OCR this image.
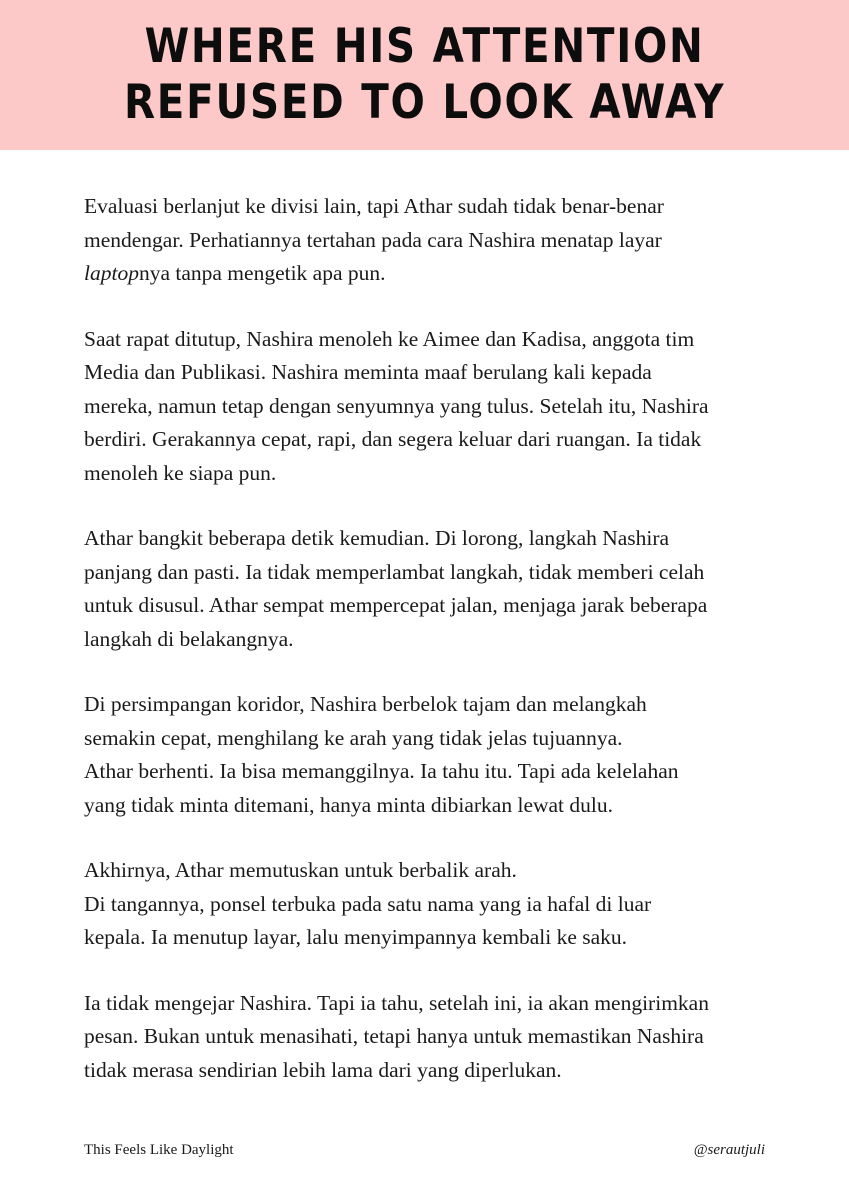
WHERE HIS ATTENTION
REFUSED TO LOOK AWAY

Evaluasi berlanjut ke divisi lain, tapi Athar sudah tidak benar-benar
mendengar. Perhatiannya tertahan pada cara Nashira menatap layar
laptopnya tanpa mengetik apa pun.

Saat rapat ditutup, Nashira menoleh ke Aimee dan Kadisa, anggota tim
Media dan Publikasi. Nashira meminta maaf berulang kali kepada
mereka, namun tetap dengan senyumnya yang tulus. Setelah itu, Nashira
berdiri. Gerakannya cepat, rapi, dan segera keluar dari ruangan. Ia tidak
menoleh ke siapa pun.

Athar bangkit beberapa detik kemudian. Di lorong, langkah Nashira
panjang dan pasti. Ia tidak memperlambat langkah, tidak memberi celah
untuk disusul. Athar sempat mempercepat jalan, menjaga jarak beberapa
langkah di belakangnya.

Di persimpangan koridor, Nashira berbelok tajam dan melangkah
semakin cepat, menghilang ke arah yang tidak jelas tujuannya.
Athar berhenti. Ia bisa memanggilnya. Ia tahu itu. Tapi ada kelelahan
yang tidak minta ditemani, hanya minta dibiarkan lewat dulu.

Akhirnya, Athar memutuskan untuk berbalik arah.
Di tangannya, ponsel terbuka pada satu nama yang ia hafal di luar
kepala. Ia menutup layar, lalu menyimpannya kembali ke saku.

Ia tidak mengejar Nashira. Tapi ia tahu, setelah ini, ia akan mengirimkan
pesan. Bukan untuk menasihati, tetapi hanya untuk memastikan Nashira
tidak merasa sendirian lebih lama dari yang diperlukan.

This Feels Like Daylight	@serautjuli
